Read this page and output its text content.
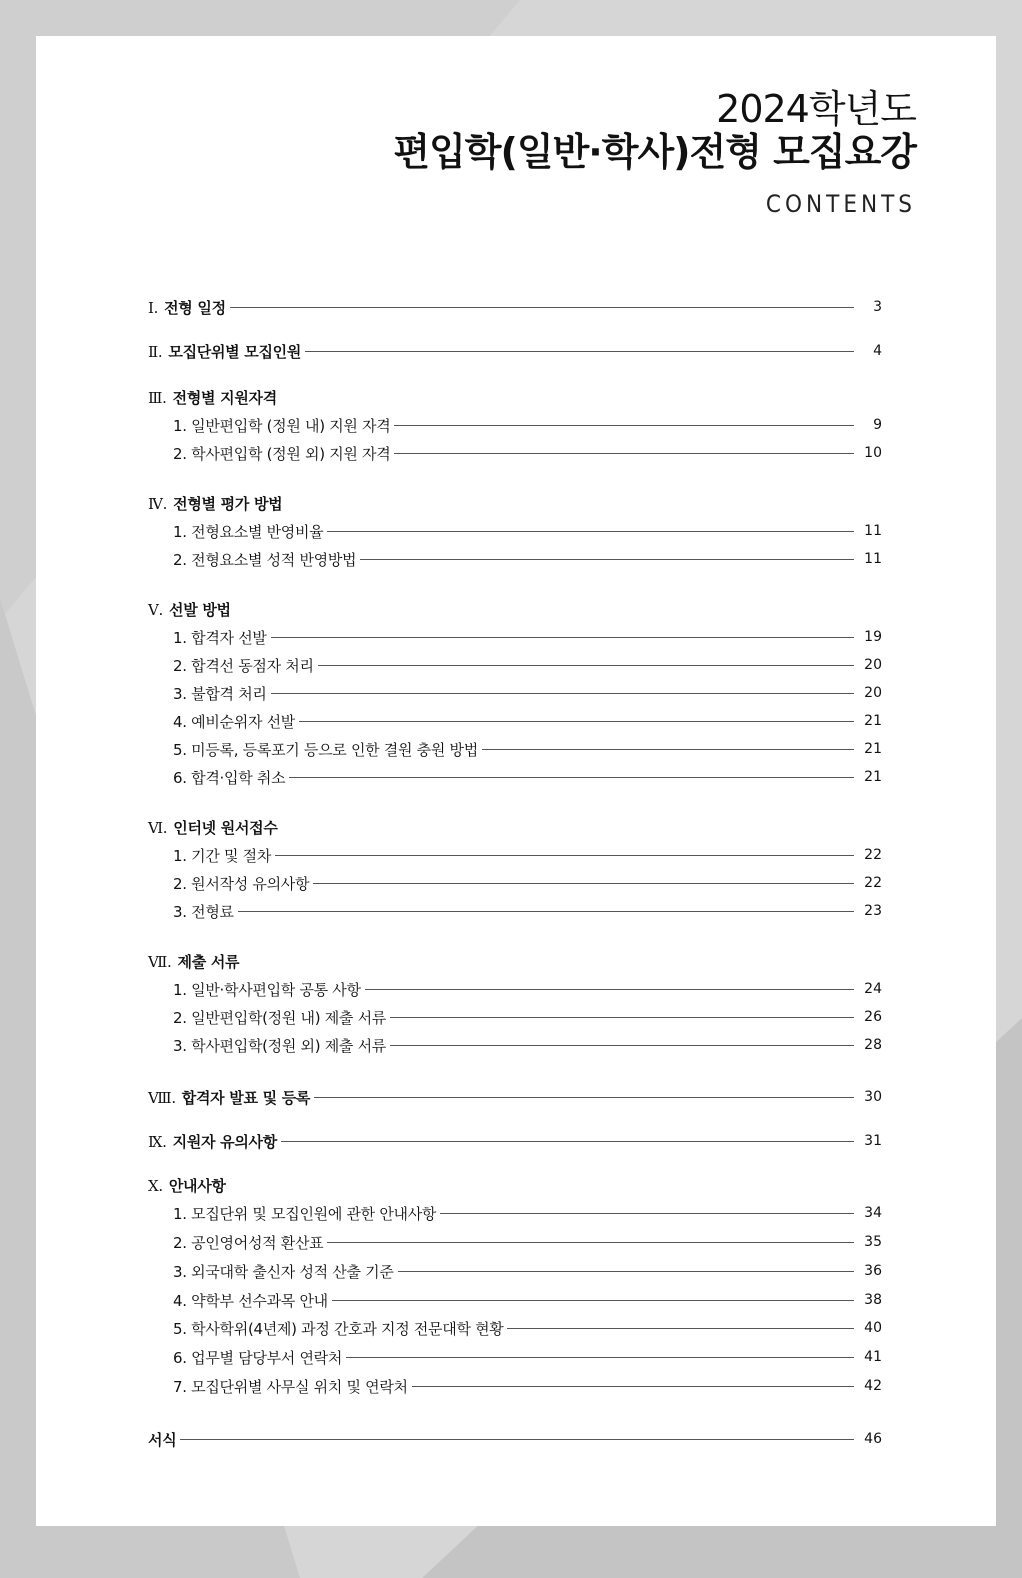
2024학년도
편입학(일반·학사)전형 모집요강
CONTENTS
Ⅰ. 전형 일정	3
Ⅱ. 모집단위별 모집인원	4
Ⅲ. 전형별 지원자격
1. 일반편입학 (정원 내) 지원 자격	9
2. 학사편입학 (정원 외) 지원 자격	10
Ⅳ. 전형별 평가 방법
1. 전형요소별 반영비율	11
2. 전형요소별 성적 반영방법	11
Ⅴ. 선발 방법
1. 합격자 선발	19
2. 합격선 동점자 처리	20
3. 불합격 처리	20
4. 예비순위자 선발	21
5. 미등록, 등록포기 등으로 인한 결원 충원 방법	21
6. 합격·입학 취소	21
Ⅵ. 인터넷 원서접수
1. 기간 및 절차	22
2. 원서작성 유의사항	22
3. 전형료	23
Ⅶ. 제출 서류
1. 일반·학사편입학 공통 사항	24
2. 일반편입학(정원 내) 제출 서류	26
3. 학사편입학(정원 외) 제출 서류	28
Ⅷ. 합격자 발표 및 등록	30
Ⅸ. 지원자 유의사항	31
Ⅹ. 안내사항
1. 모집단위 및 모집인원에 관한 안내사항	34
2. 공인영어성적 환산표	35
3. 외국대학 출신자 성적 산출 기준	36
4. 약학부 선수과목 안내	38
5. 학사학위(4년제) 과정 간호과 지정 전문대학 현황	40
6. 업무별 담당부서 연락처	41
7. 모집단위별 사무실 위치 및 연락처	42
서식	46
